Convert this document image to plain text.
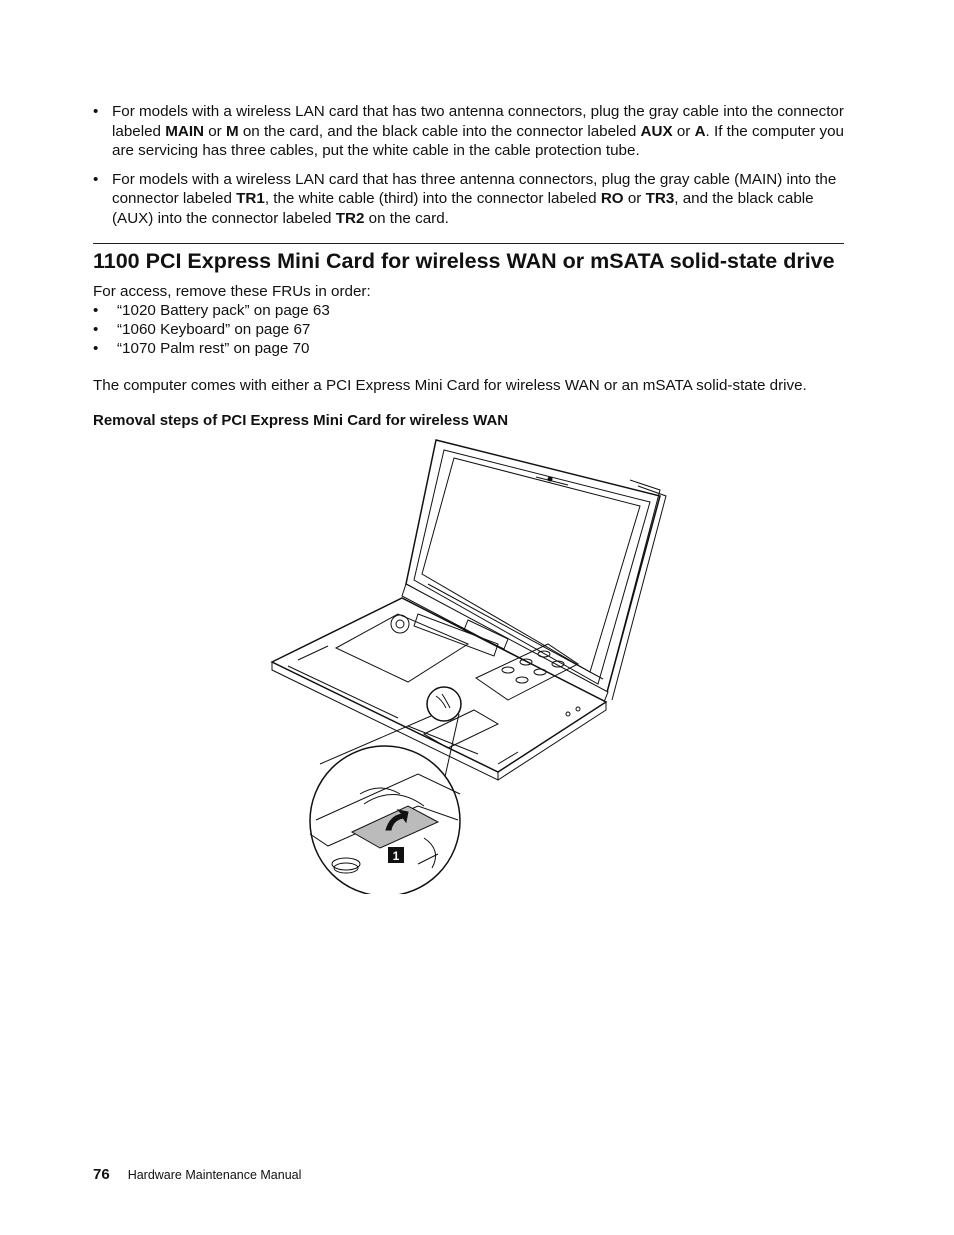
• For models with a wireless LAN card that has two antenna connectors, plug the gray cable into the connector labeled MAIN or M on the card, and the black cable into the connector labeled AUX or A. If the computer you are servicing has three cables, put the white cable in the cable protection tube.
• For models with a wireless LAN card that has three antenna connectors, plug the gray cable (MAIN) into the connector labeled TR1, the white cable (third) into the connector labeled RO or TR3, and the black cable (AUX) into the connector labeled TR2 on the card.
1100 PCI Express Mini Card for wireless WAN or mSATA solid-state drive
For access, remove these FRUs in order:
• “1020 Battery pack” on page 63
• “1060 Keyboard” on page 67
• “1070 Palm rest” on page 70
The computer comes with either a PCI Express Mini Card for wireless WAN or an mSATA solid-state drive.
Removal steps of PCI Express Mini Card for wireless WAN
1
76 Hardware Maintenance Manual
